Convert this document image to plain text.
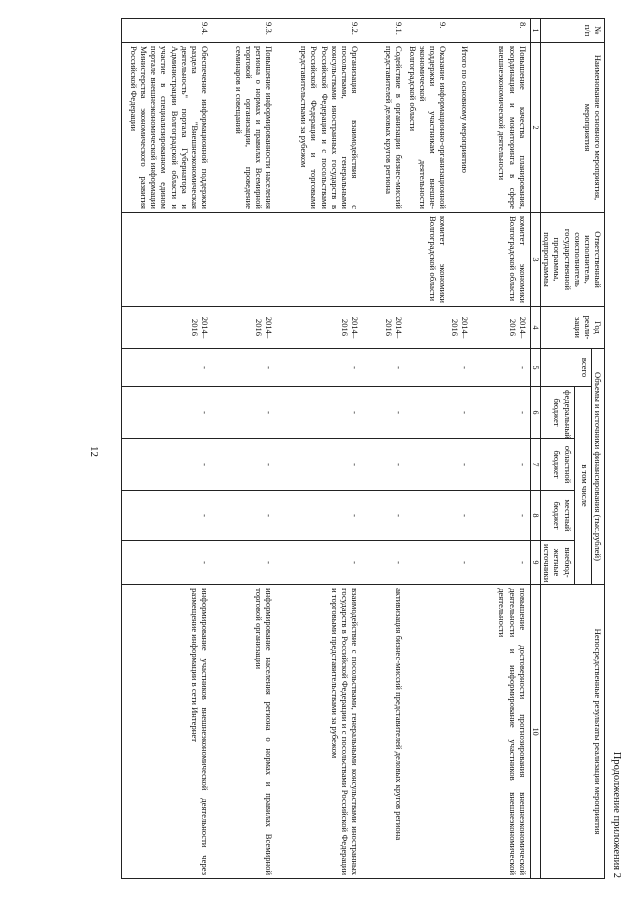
12
Продолжение приложения 2
№ п/п	Наименование основного мероприятия, мероприятия	Ответственный исполнитель, соисполнитель государственной программы, подпрограммы	Год реали-зации	Объемы и источники финансирования (тыс.рублей)					Непосредственные результаты реализации мероприятия
				всего	в том числе				
					федеральный бюджет	областной бюджет	местный бюджет	внебюд-жетные источники	
1	2	3	4	5	6	7	8	9	10
8.	Повышение качества планирования, координации и мониторинга в сфере внешнеэкономической деятельности	комитет экономики Волгоградской области	2014–2016	-	-	-	-	-	повышение достоверности прогнозирования внешнеэкономической деятельности и информирование участников внешнеэкономической деятельности
	Итого по основному мероприятию		2014–2016	-	-	-	-	-	
9.	Оказание информационно-организационной поддержки участникам внешне-экономической деятельности Волгоградской области	комитет экономики Волгоградской области							
9.1.	Содействие в организации бизнес-миссий представителей деловых кругов региона		2014–2016	-	-	-	-	-	активизация бизнес-миссий представителей деловых кругов региона
9.2.	Организация взаимодействия с посольствами, генеральными консульствами иностранных государств в Российской Федерации и с посольствами Российской Федерации и торговыми представительствами за рубежом		2014–2016	-	-	-	-	-	взаимодействие с посольствами, генеральными консульствами иностранных государств в Российской Федерации и с посольствами Российской Федерации и торговыми представительствами за рубежом
9.3.	Повышение информированности населения региона о нормах и правилах Всемирной торговой организации, проведение семинаров и совещаний		2014–2016	-	-	-	-	-	информирование населения региона о нормах и правилах Всемирной торговой организации
9.4.	Обеспечение информационной поддержки раздела "Внешнеэкономическая деятельность" портала Губернатора и Администрации Волгоградской области и участие в специализированном едином портале внешнеэкономической информации Министерства экономического развития Российской Федерации		2014–2016	-	-	-	-	-	информирование участников внешнеэкономической деятельности через размещение информации в сети Интернет
